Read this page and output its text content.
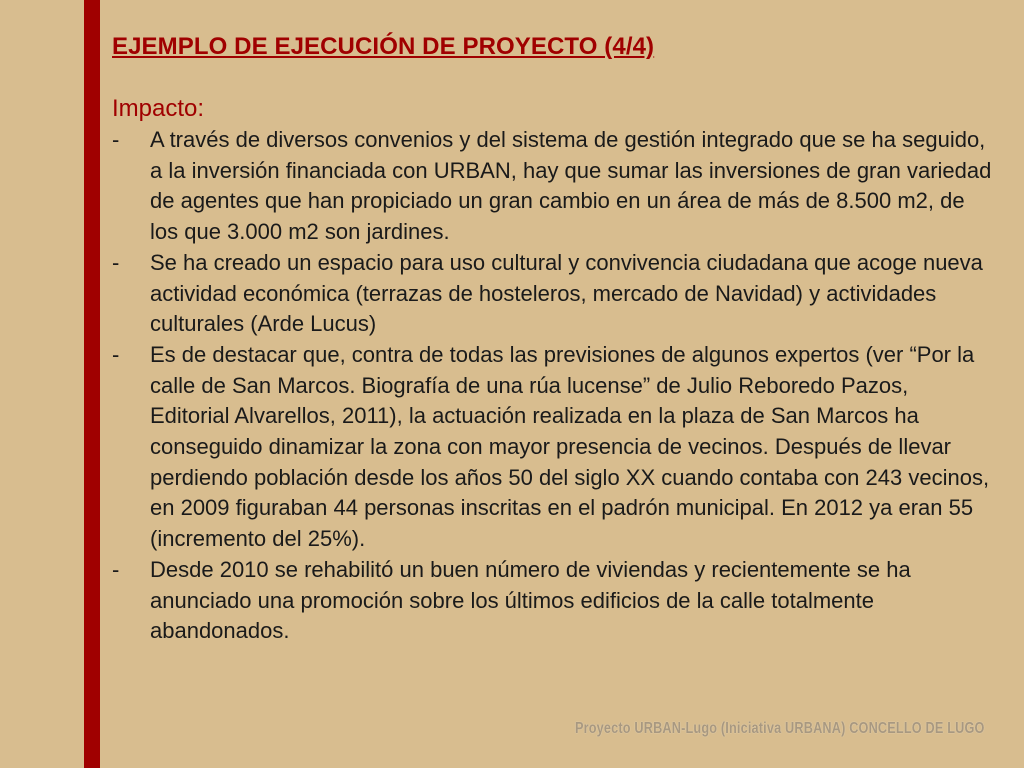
EJEMPLO DE EJECUCIÓN DE PROYECTO (4/4)
Impacto:
-	A través de diversos convenios y del sistema de gestión integrado que se ha seguido, a la inversión financiada con URBAN, hay que sumar las inversiones de gran variedad de agentes que han propiciado un gran cambio en un área de más de 8.500 m2, de los que 3.000 m2 son jardines.
-	Se ha creado un espacio para uso cultural y convivencia ciudadana que acoge nueva actividad económica (terrazas de hosteleros, mercado de Navidad) y actividades culturales (Arde Lucus)
-	Es de destacar que, contra de todas las previsiones de algunos expertos (ver “Por la calle de San Marcos. Biografía de una rúa lucense” de Julio Reboredo Pazos, Editorial Alvarellos, 2011), la actuación realizada en la plaza de San Marcos ha conseguido dinamizar la zona con mayor presencia de vecinos. Después de llevar perdiendo población desde los años 50 del siglo XX cuando contaba con 243 vecinos, en 2009 figuraban 44 personas inscritas en el padrón municipal. En 2012 ya eran 55 (incremento del 25%).
-	Desde 2010 se rehabilitó un buen número de viviendas y recientemente se ha anunciado una promoción sobre los últimos edificios de la calle totalmente abandonados.
Proyecto URBAN-Lugo (Iniciativa URBANA) CONCELLO DE LUGO
